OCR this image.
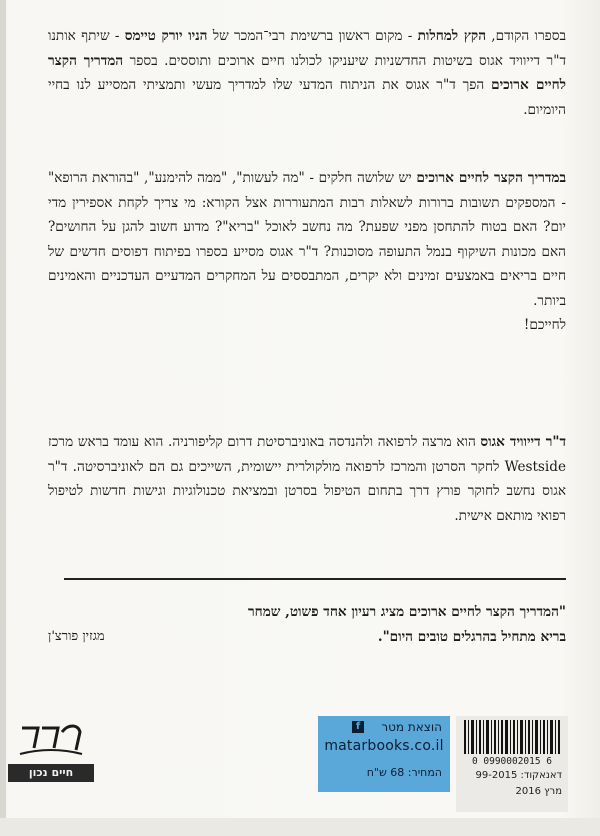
בספרו הקודם, הקץ למחלות - מקום ראשון ברשימת רבי־המכר של הניו יורק טיימס - שיתף אותנו ד"ר דייוויד אגוס בשיטות החדשניות שיעניקו לכולנו חיים ארוכים ותוססים. בספר המדריך הקצר לחיים ארוכים הפך ד"ר אגוס את הניתוח המדעי שלו למדריך מעשי ותמציתי המסייע לנו בחיי היומיום.

במדריך הקצר לחיים ארוכים יש שלושה חלקים - "מה לעשות", "ממה להימנע", "בהוראת הרופא" - המספקים תשובות ברורות לשאלות רבות המתעוררות אצל הקורא: מי צריך לקחת אספירין מדי יום? האם בטוח להתחסן מפני שפעת? מה נחשב לאוכל "בריא"? מדוע חשוב להגן על החושים? האם מכונות השיקוף בנמל התעופה מסוכנות? ד"ר אגוס מסייע בספרו בפיתוח דפוסים חדשים של חיים בריאים באמצעים זמינים ולא יקרים, המתבססים על המחקרים המדעיים העדכניים והאמינים ביותר.

לחייכם!

ד"ר דייוויד אגוס הוא מרצה לרפואה ולהנדסה באוניברסיטת דרום קליפורניה. הוא עומד בראש מרכז Westside לחקר הסרטן והמרכז לרפואה מולקולרית יישומית, השייכים גם הם לאוניברסיטה. ד"ר אגוס נחשב לחוקר פורץ דרך בתחום הטיפול בסרטן ובמציאת טכנולוגיות וגישות חדשות לטיפול רפואי מותאם אישית.

"המדריך הקצר לחיים ארוכים מציג רעיון אחד פשוט, שמחר
בריא מתחיל בהרגלים טובים היום".
מגזין פורצ'ן
חיים נכון
הוצאת מטר
f
matarbooks.co.il
המחיר: 68 ש"ח
0 0990002015 6
דאנאקוד: 99-2015
מרץ 2016
